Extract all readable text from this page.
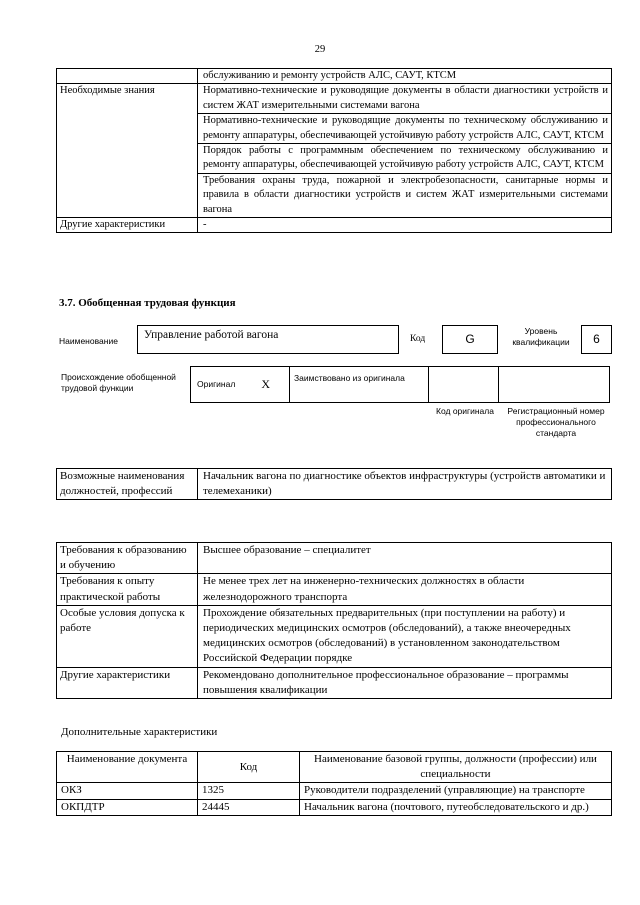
29
	обслуживанию и ремонту устройств АЛС, САУТ, КТСМ
Необходимые знания	Нормативно-технические и руководящие документы в области диагностики устройств и систем ЖАТ измерительными системами вагона
	Нормативно-технические и руководящие документы по техническому обслуживанию и ремонту аппаратуры, обеспечивающей устойчивую работу устройств АЛС, САУТ, КТСМ
	Порядок работы с программным обеспечением по техническому обслуживанию и ремонту аппаратуры, обеспечивающей устойчивую работу устройств АЛС, САУТ, КТСМ
	Требования охраны труда, пожарной и электробезопасности, санитарные нормы и правила в области диагностики устройств и систем ЖАТ измерительными системами вагона
Другие характеристики	-
3.7. Обобщенная трудовая функция
Наименование	Управление работой вагона	Код	G
Уровень квалификации	6
Происхождение обобщенной трудовой функции	Оригинал X	Заимствовано из оригинала
Код оригинала	Регистрационный номер профессионального стандарта
Возможные наименования должностей, профессий	Начальник вагона по диагностике объектов инфраструктуры (устройств автоматики и телемеханики)
Требования к образованию и обучению	Высшее образование – специалитет
Требования к опыту практической работы	Не менее трех лет на инженерно-технических должностях в области железнодорожного транспорта
Особые условия допуска к работе	Прохождение обязательных предварительных (при поступлении на работу) и периодических медицинских осмотров (обследований), а также внеочередных медицинских осмотров (обследований) в установленном законодательством Российской Федерации порядке
Другие характеристики	Рекомендовано дополнительное профессиональное образование – программы повышения квалификации
Дополнительные характеристики
Наименование документа	Код	Наименование базовой группы, должности (профессии) или специальности
ОКЗ	1325	Руководители подразделений (управляющие) на транспорте
ОКПДТР	24445	Начальник вагона (почтового, путеобследовательского и др.)
